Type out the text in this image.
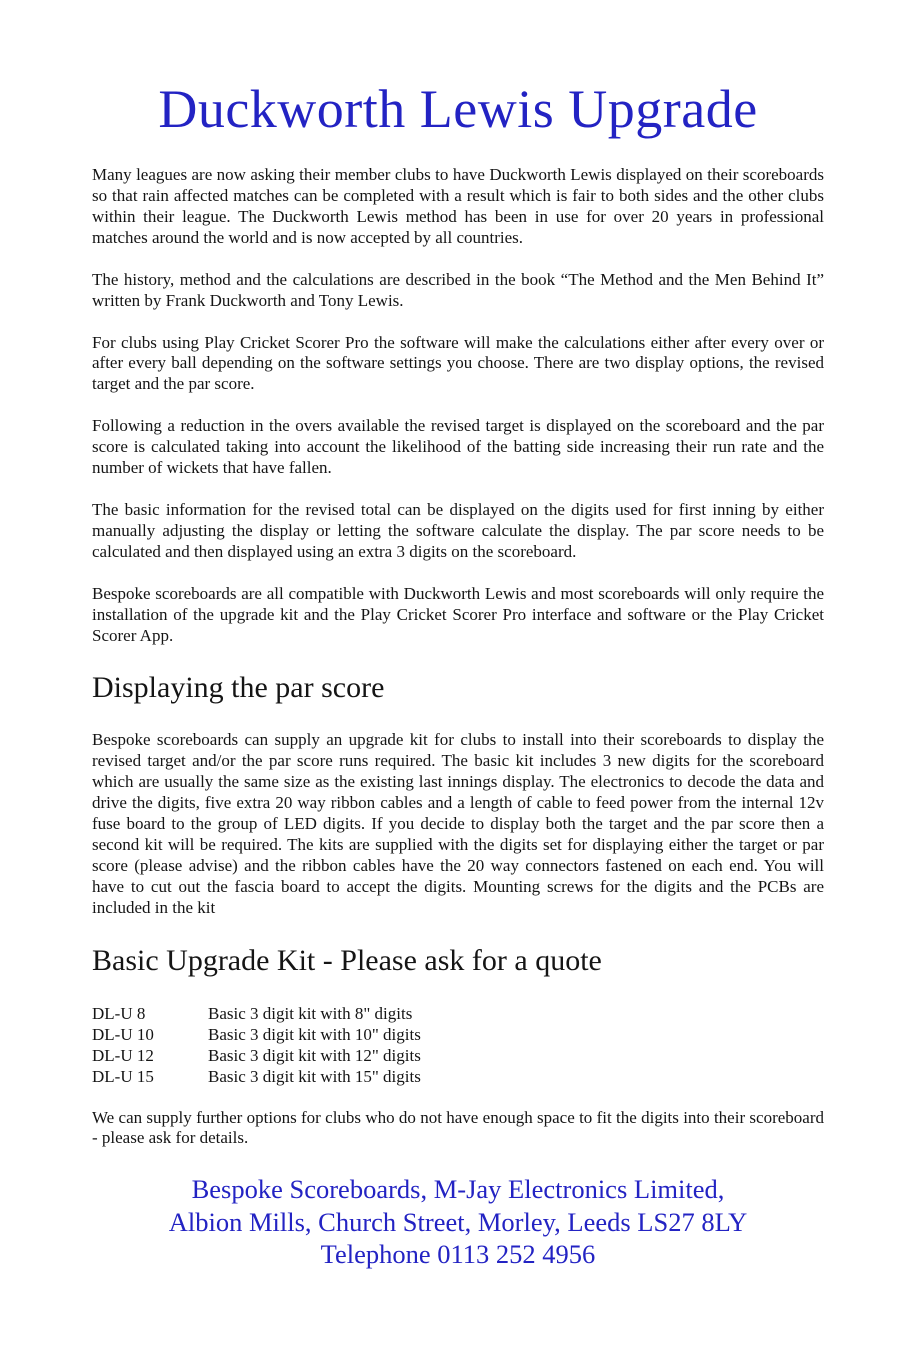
Duckworth Lewis Upgrade

Many leagues are now asking their member clubs to have Duckworth Lewis displayed on their scoreboards so that rain affected matches can be completed with a result which is fair to both sides and the other clubs within their league. The Duckworth Lewis method has been in use for over 20 years in professional matches around the world and is now accepted by all countries.

The history, method and the calculations are described in the book “The Method and the Men Behind It” written by Frank Duckworth and Tony Lewis.

For clubs using Play Cricket Scorer Pro the software will make the calculations either after every over or after every ball depending on the software settings you choose. There are two display options, the revised target and the par score.

Following a reduction in the overs available the revised target is displayed on the scoreboard and the par score is calculated taking into account the likelihood of the batting side increasing their run rate and the number of wickets that have fallen.

The basic information for the revised total can be displayed on the digits used for first inning by either manually adjusting the display or letting the software calculate the display. The par score needs to be calculated and then displayed using an extra 3 digits on the scoreboard.

Bespoke scoreboards are all compatible with Duckworth Lewis and most scoreboards will only require the installation of the upgrade kit and the Play Cricket Scorer Pro interface and software or the Play Cricket Scorer App.

Displaying the par score

Bespoke scoreboards can supply an upgrade kit for clubs to install into their scoreboards to display the revised target and/or the par score runs required. The basic kit includes 3 new digits for the scoreboard which are usually the same size as the existing last innings display. The electronics to decode the data and drive the digits, five extra 20 way ribbon cables and a length of cable to feed power from the internal 12v fuse board to the group of LED digits. If you decide to display both the target and the par score then a second kit will be required. The kits are supplied with the digits set for displaying either the target or par score (please advise) and the ribbon cables have the 20 way connectors fastened on each end. You will have to cut out the fascia board to accept the digits. Mounting screws for the digits and the PCBs are included in the kit

Basic Upgrade Kit - Please ask for a quote
DL-U 8	Basic 3 digit kit with 8" digits
DL-U 10	Basic 3 digit kit with 10" digits
DL-U 12	Basic 3 digit kit with 12" digits
DL-U 15	Basic 3 digit kit with 15" digits

We can supply further options for clubs who do not have enough space to fit the digits into their scoreboard - please ask for details.

Bespoke Scoreboards, M-Jay Electronics Limited,
Albion Mills, Church Street, Morley, Leeds LS27 8LY
Telephone 0113 252 4956
